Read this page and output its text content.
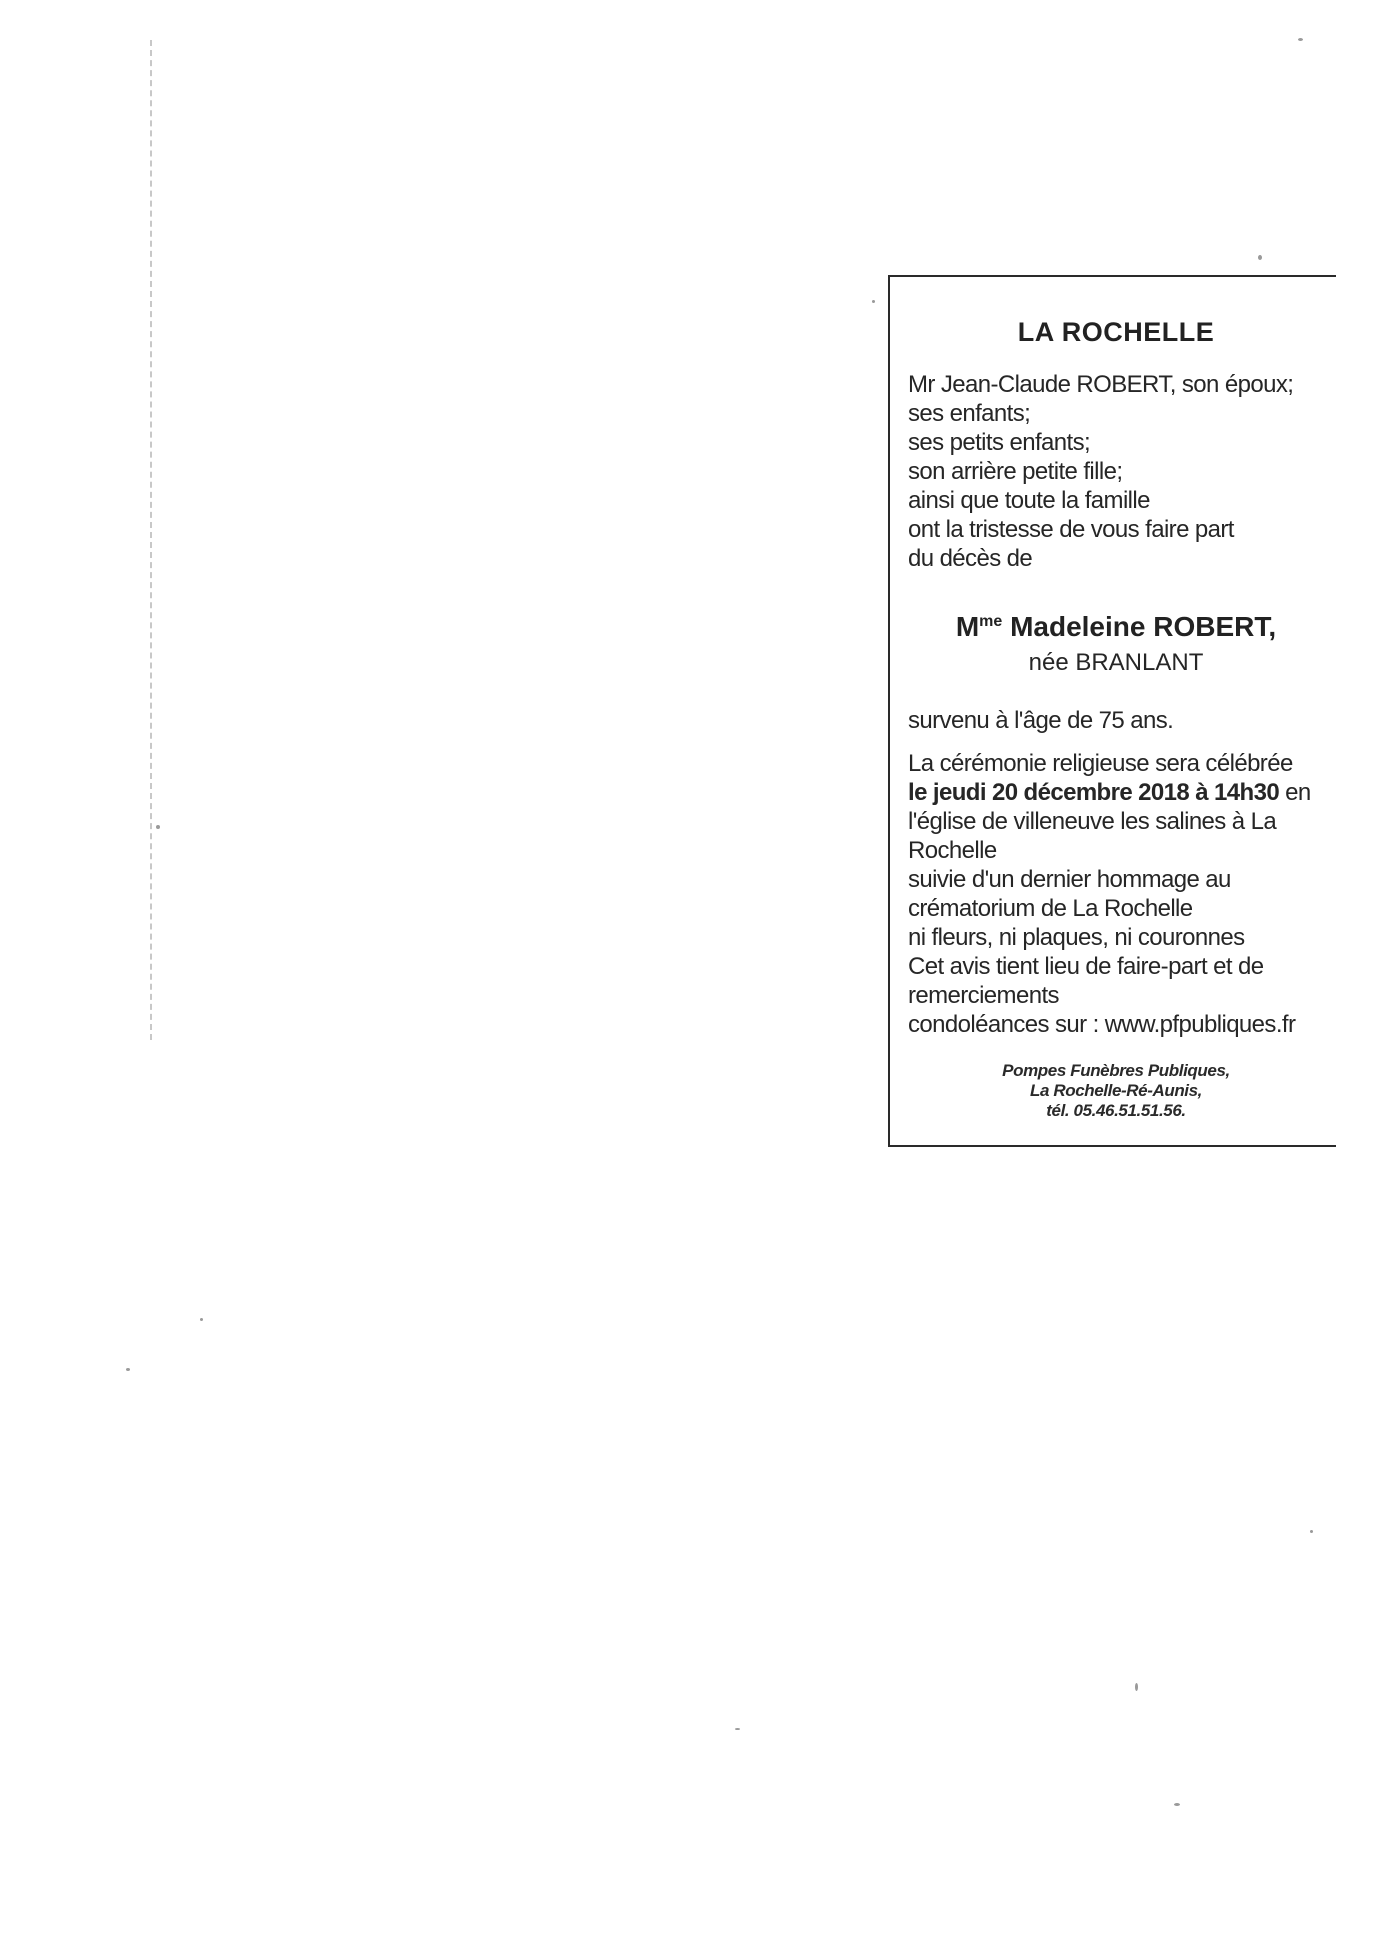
LA ROCHELLE
Mr Jean-Claude ROBERT, son époux;
ses enfants;
ses petits enfants;
son arrière petite fille;
ainsi que toute la famille
ont la tristesse de vous faire part
du décès de
$M^{me}$ Madeleine ROBERT,
née BRANLANT
survenu à l'âge de 75 ans.
La cérémonie religieuse sera célébrée
le jeudi 20 décembre 2018 à 14h30 en
l'église de villeneuve les salines à La
Rochelle
suivie d'un dernier hommage au
crématorium de La Rochelle
ni fleurs, ni plaques, ni couronnes
Cet avis tient lieu de faire-part et de
remerciements
condoléances sur : www.pfpubliques.fr
Pompes Funèbres Publiques,
La Rochelle-Ré-Aunis,
tél. 05.46.51.51.56.
